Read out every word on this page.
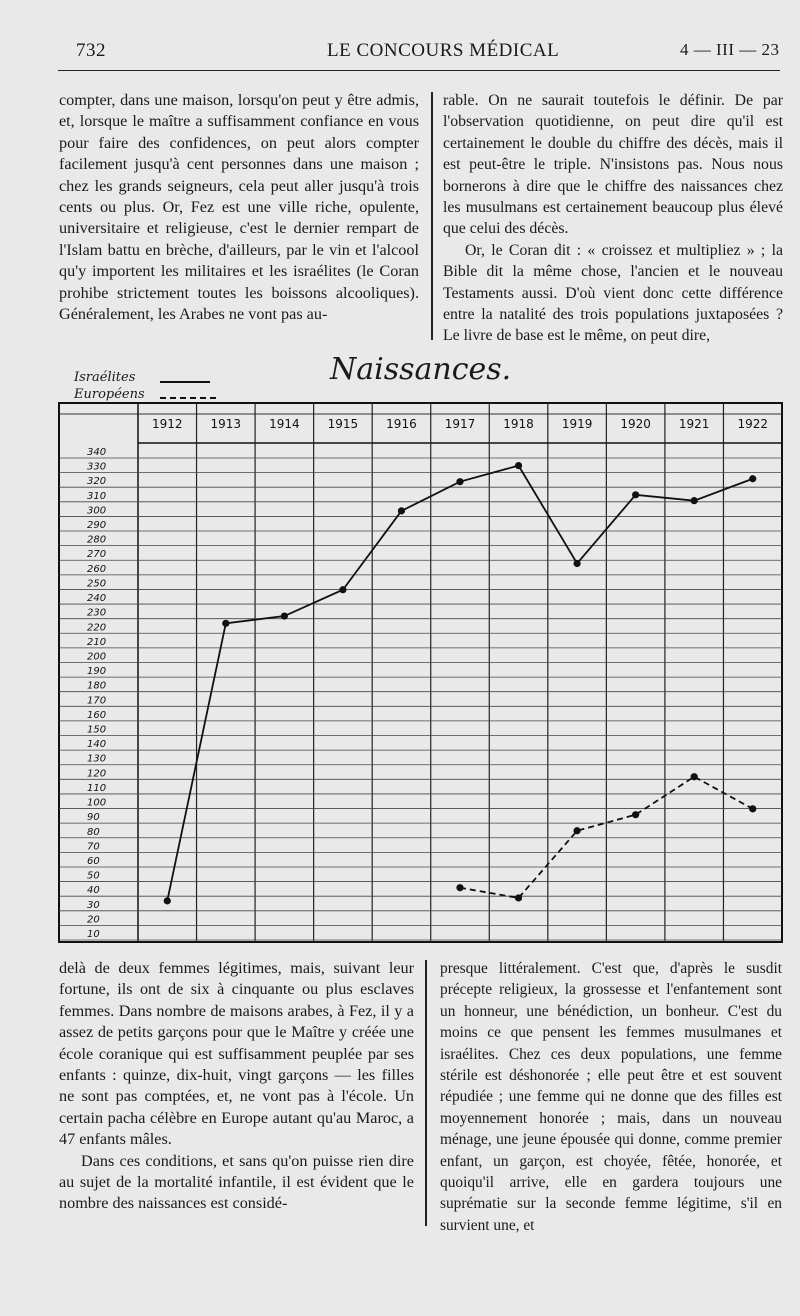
732	LE CONCOURS MÉDICAL	4 — III — 23

compter, dans une maison, lorsqu'on peut y être admis, et, lorsque le maître a suffisamment confiance en vous pour faire des confidences, on peut alors compter facilement jusqu'à cent personnes dans une maison ; chez les grands seigneurs, cela peut aller jusqu'à trois cents ou plus. Or, Fez est une ville riche, opulente, universitaire et religieuse, c'est le dernier rempart de l'Islam battu en brèche, d'ailleurs, par le vin et l'alcool qu'y importent les militaires et les israélites (le Coran prohibe strictement toutes les boissons alcooliques). Généralement, les Arabes ne vont pas au-

rable. On ne saurait toutefois le définir. De par l'observation quotidienne, on peut dire qu'il est certainement le double du chiffre des décès, mais il est peut-être le triple. N'insistons pas. Nous nous bornerons à dire que le chiffre des naissances chez les musulmans est certainement beaucoup plus élevé que celui des décès.

Or, le Coran dit : « croissez et multipliez » ; la Bible dit la même chose, l'ancien et le nouveau Testaments aussi. D'où vient donc cette différence entre la natalité des trois populations juxtaposées ? Le livre de base est le même, on peut dire,

Naissances.
Israélites
Européens
1912 1913 1914 1915 1916 1917 1918 1919 1920 1921 1922
340
330
320
310
300
290
280
270
260
250
240
230
220
210
200
190
180
170
160
150
140
130
120
110
100
90
80
70
60
50
40
30
20
10

delà de deux femmes légitimes, mais, suivant leur fortune, ils ont de six à cinquante ou plus esclaves femmes. Dans nombre de maisons arabes, à Fez, il y a assez de petits garçons pour que le Maître y créée une école coranique qui est suffisamment peuplée par ses enfants : quinze, dix-huit, vingt garçons — les filles ne sont pas comptées, et, ne vont pas à l'école. Un certain pacha célèbre en Europe autant qu'au Maroc, a 47 enfants mâles.

Dans ces conditions, et sans qu'on puisse rien dire au sujet de la mortalité infantile, il est évident que le nombre des naissances est considé-

presque littéralement. C'est que, d'après le susdit précepte religieux, la grossesse et l'enfantement sont un honneur, une bénédiction, un bonheur. C'est du moins ce que pensent les femmes musulmanes et israélites. Chez ces deux populations, une femme stérile est déshonorée ; elle peut être et est souvent répudiée ; une femme qui ne donne que des filles est moyennement honorée ; mais, dans un nouveau ménage, une jeune épousée qui donne, comme premier enfant, un garçon, est choyée, fêtée, honorée, et quoiqu'il arrive, elle en gardera toujours une suprématie sur la seconde femme légitime, s'il en survient une, et
